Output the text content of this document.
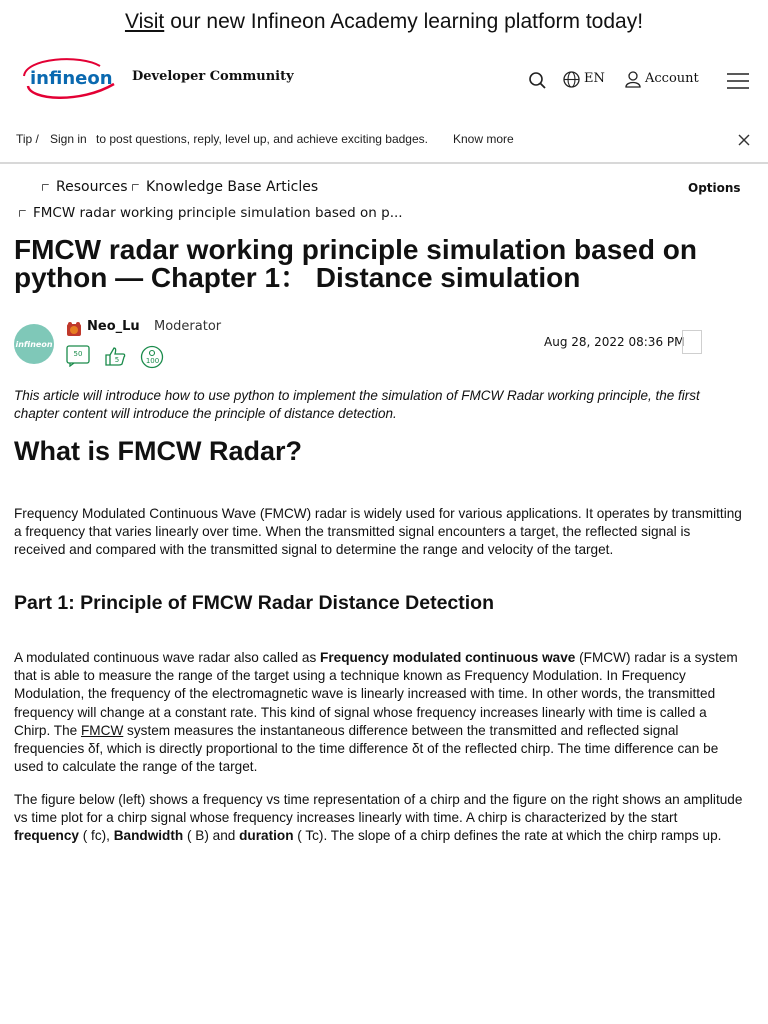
Visit our new Infineon Academy learning platform today!
infineon Developer Community	EN	Account
Tip / Sign in to post questions, reply, level up, and achieve exciting badges. Know more
Resources Knowledge Base Articles
FMCW radar working principle simulation based on p...
Options
FMCW radar working principle simulation based on python — Chapter 1： Distance simulation
infineon
Neo_Lu Moderator
50
5	100
Aug 28, 2022 08:36 PM

This article will introduce how to use python to implement the simulation of FMCW Radar working principle, the first chapter content will introduce the principle of distance detection.

What is FMCW Radar?

Frequency Modulated Continuous Wave (FMCW) radar is widely used for various applications. It operates by transmitting a frequency that varies linearly over time. When the transmitted signal encounters a target, the reflected signal is received and compared with the transmitted signal to determine the range and velocity of the target.

Part 1: Principle of FMCW Radar Distance Detection

A modulated continuous wave radar also called as Frequency modulated continuous wave (FMCW) radar is a system that is able to measure the range of the target using a technique known as Frequency Modulation. In Frequency Modulation, the frequency of the electromagnetic wave is linearly increased with time. In other words, the transmitted frequency will change at a constant rate. This kind of signal whose frequency increases linearly with time is called a Chirp. The FMCW system measures the instantaneous difference between the transmitted and reflected signal frequencies δf, which is directly proportional to the time difference δt of the reflected chirp. The time difference can be used to calculate the range of the target.

The figure below (left) shows a frequency vs time representation of a chirp and the figure on the right shows an amplitude vs time plot for a chirp signal whose frequency increases linearly with time. A chirp is characterized by the start frequency ( fc), Bandwidth ( B) and duration ( Tc). The slope of a chirp defines the rate at which the chirp ramps up.
